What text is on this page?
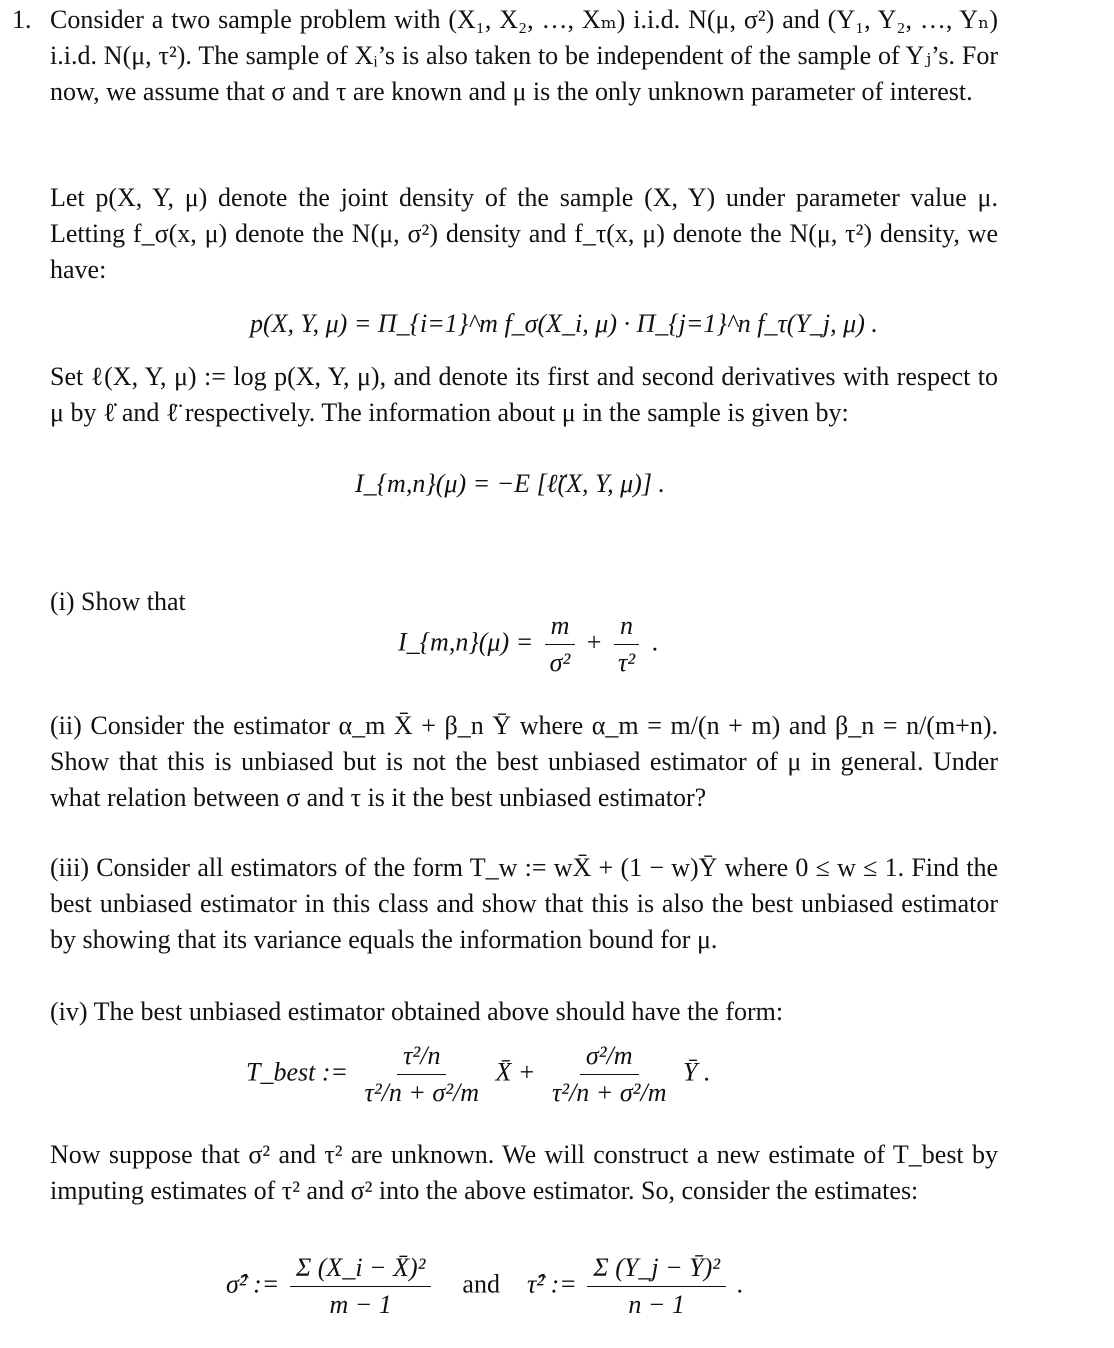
1. Consider a two sample problem with (X₁, X₂, …, Xₘ) i.i.d. N(μ, σ²) and (Y₁, Y₂, …, Yₙ) i.i.d. N(μ, τ²). The sample of Xᵢ’s is also taken to be independent of the sample of Yⱼ’s. For now, we assume that σ and τ are known and μ is the only unknown parameter of interest.
Let p(X, Y, μ) denote the joint density of the sample (X, Y) under parameter value μ. Letting f_σ(x, μ) denote the N(μ, σ²) density and f_τ(x, μ) denote the N(μ, τ²) density, we have:
p(X, Y, μ) = Π_{i=1}^m f_σ(X_i, μ) · Π_{j=1}^n f_τ(Y_j, μ) .
Set ℓ(X, Y, μ) := log p(X, Y, μ), and denote its first and second derivatives with respect to μ by ℓ̇ and ℓ̈ respectively. The information about μ in the sample is given by:
I_{m,n}(μ) = −E [ℓ̈(X, Y, μ)] .
(i) Show that
I_{m,n}(μ) = $\frac{m}{\text{σ²}} + \frac{n}{\text{τ²}}$ .
(ii) Consider the estimator α_m X̄ + β_n Ȳ where α_m = m/(n + m) and β_n = n/(m+n). Show that this is unbiased but is not the best unbiased estimator of μ in general. Under what relation between σ and τ is it the best unbiased estimator?
(iii) Consider all estimators of the form T_w := wX̄ + (1 − w)Ȳ where 0 ≤ w ≤ 1. Find the best unbiased estimator in this class and show that this is also the best unbiased estimator by showing that its variance equals the information bound for μ.
(iv) The best unbiased estimator obtained above should have the form:
T_best := $\frac{\text{τ²/n}}{\text{τ²/n + σ²/m}}$ X̄ + $\frac{\text{σ²/m}}{\text{τ²/n + σ²/m}}$ Ȳ .
Now suppose that σ² and τ² are unknown. We will construct a new estimate of T_best by imputing estimates of τ² and σ² into the above estimator. So, consider the estimates:
σ̂² := $\frac{\text{Σ (X\_i − X̄)²}}{m - 1}$ and τ̂² := $\frac{\text{Σ (Y\_j − Ȳ)²}}{n - 1}$ .
